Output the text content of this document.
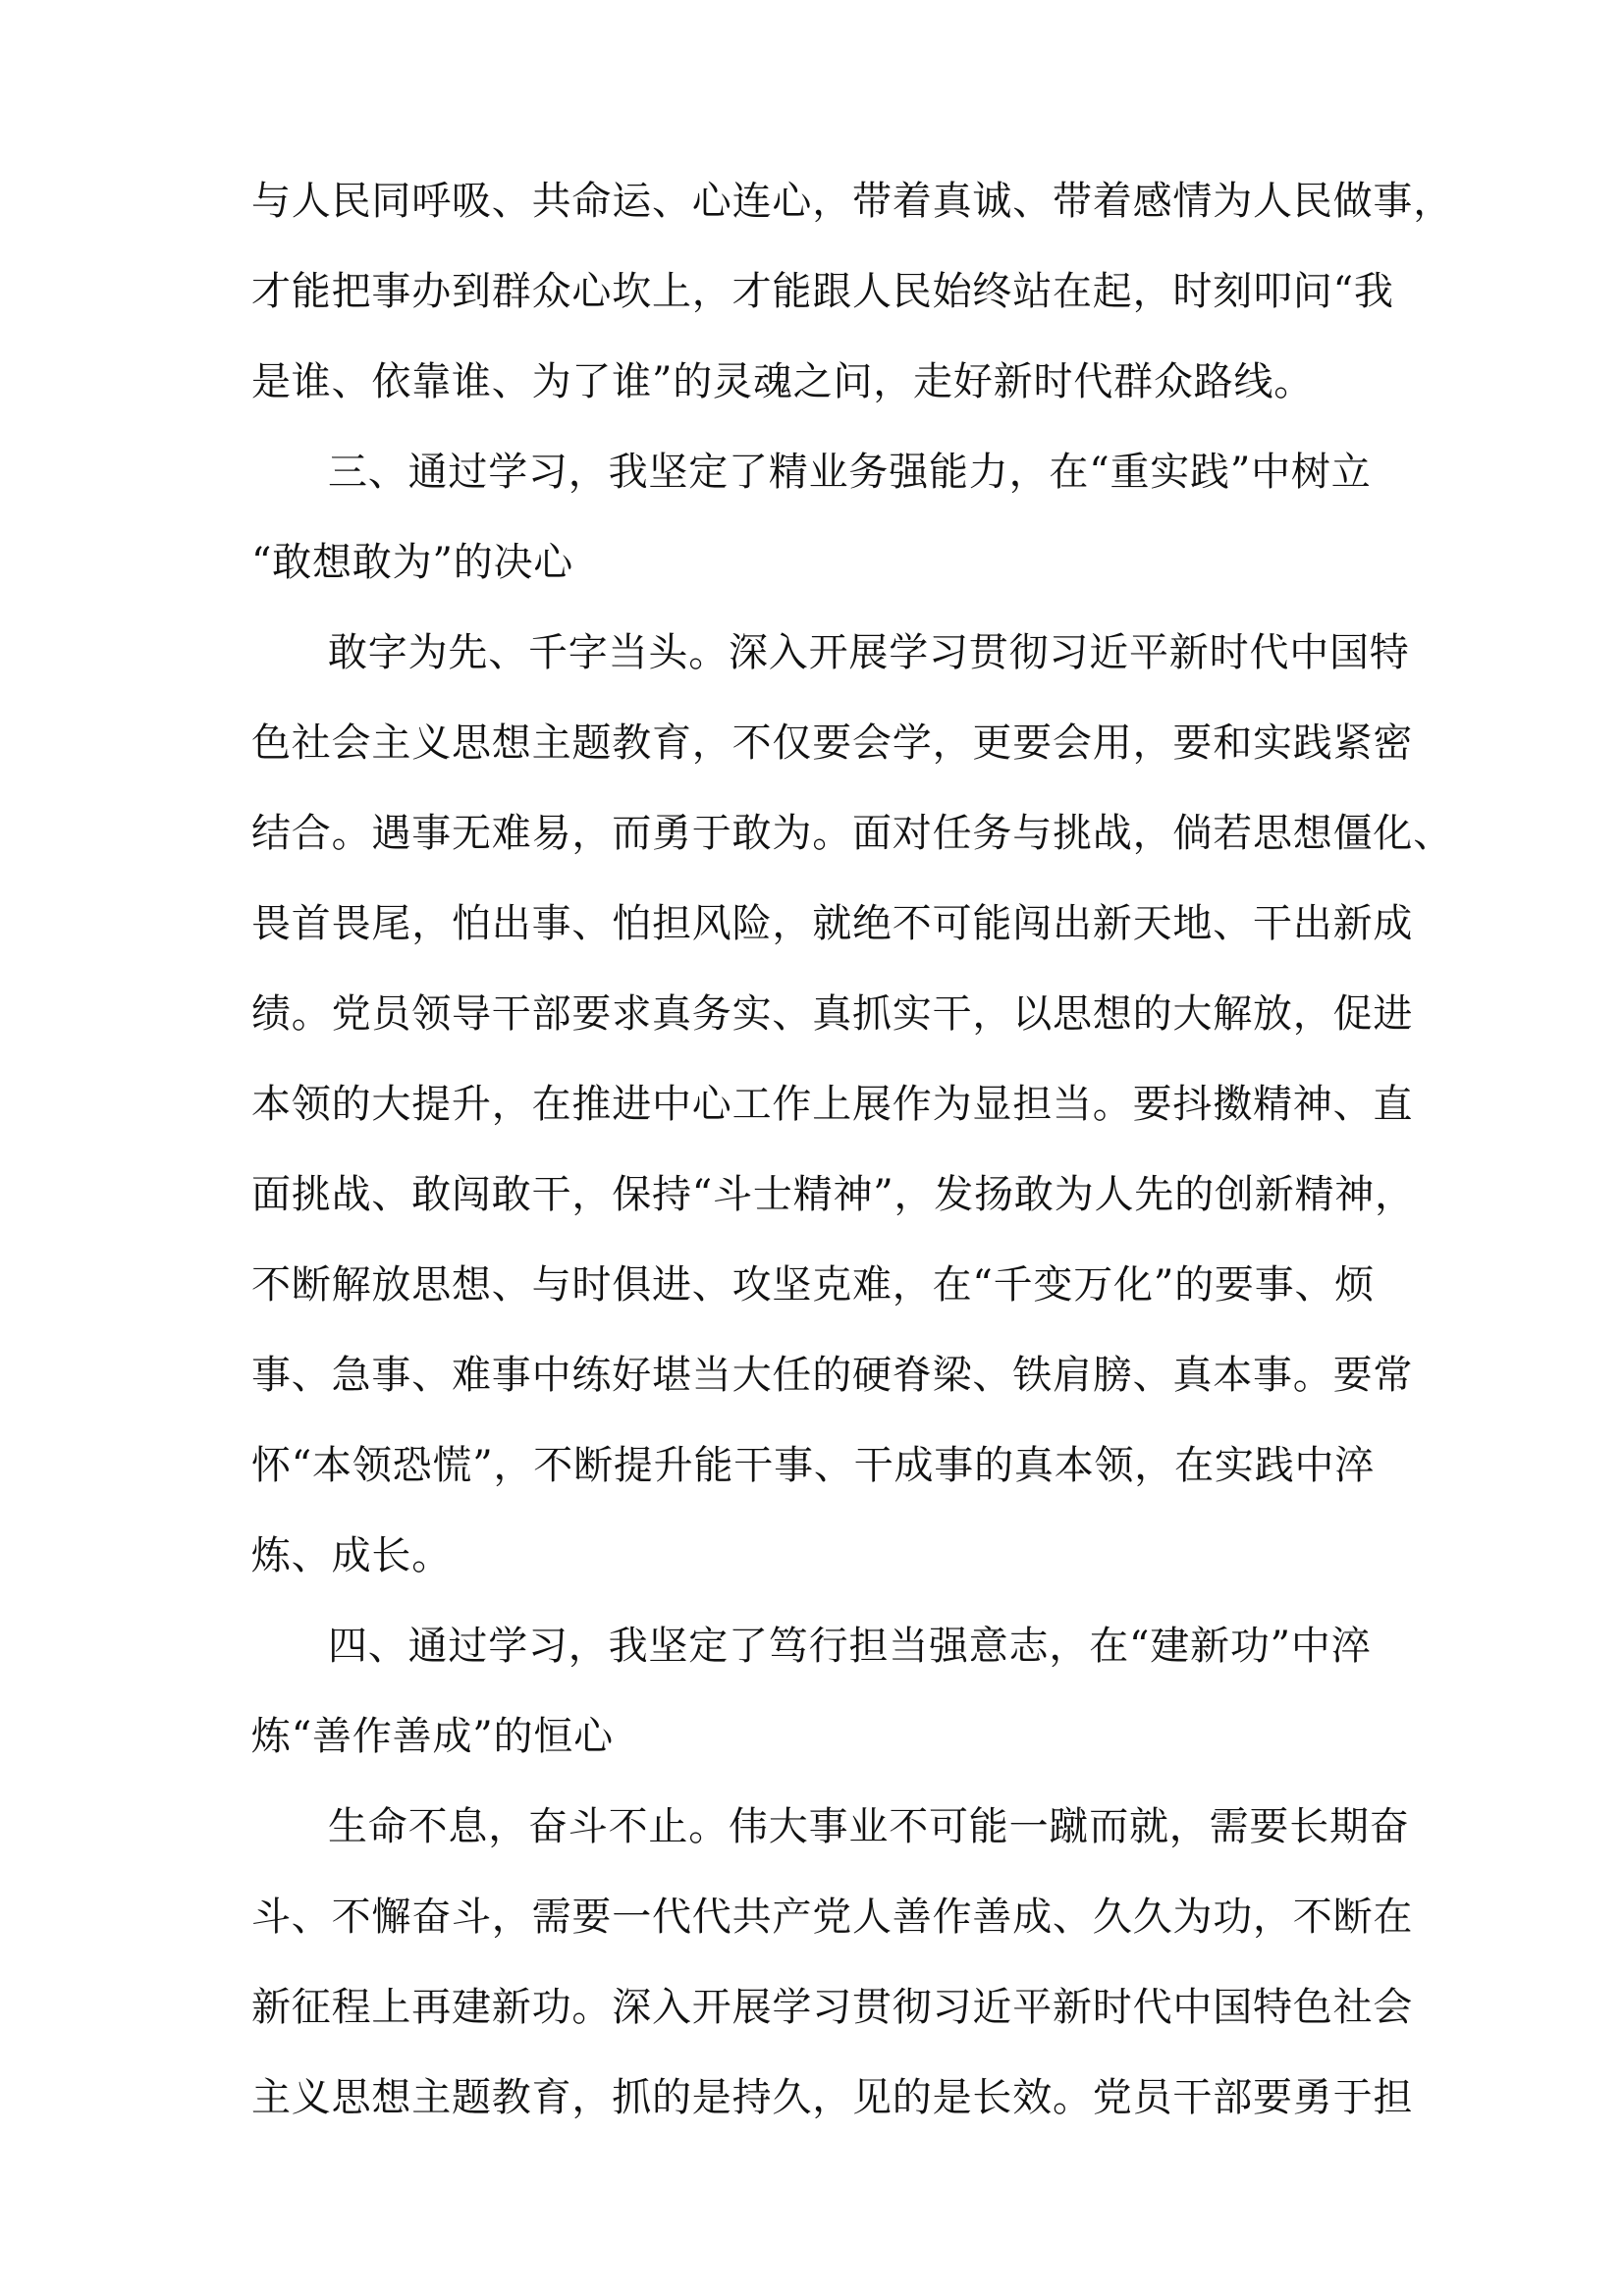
与人民同呼吸、共命运、心连心，带着真诚、带着感情为人民做事，
才能把事办到群众心坎上，才能跟人民始终站在起，时刻叩问“我
是谁、依靠谁、为了谁”的灵魂之问，走好新时代群众路线。
三、通过学习，我坚定了精业务强能力，在“重实践”中树立
“敢想敢为”的决心
敢字为先、千字当头。深入开展学习贯彻习近平新时代中国特
色社会主义思想主题教育，不仅要会学，更要会用，要和实践紧密
结合。遇事无难易，而勇于敢为。面对任务与挑战，倘若思想僵化、
畏首畏尾，怕出事、怕担风险，就绝不可能闯出新天地、干出新成
绩。党员领导干部要求真务实、真抓实干，以思想的大解放，促进
本领的大提升，在推进中心工作上展作为显担当。要抖擞精神、直
面挑战、敢闯敢干，保持“斗士精神”，发扬敢为人先的创新精神，
不断解放思想、与时俱进、攻坚克难，在“千变万化”的要事、烦
事、急事、难事中练好堪当大任的硬脊梁、铁肩膀、真本事。要常
怀“本领恐慌”，不断提升能干事、干成事的真本领，在实践中淬
炼、成长。
四、通过学习，我坚定了笃行担当强意志，在“建新功”中淬
炼“善作善成”的恒心
生命不息，奋斗不止。伟大事业不可能一蹴而就，需要长期奋
斗、不懈奋斗，需要一代代共产党人善作善成、久久为功，不断在
新征程上再建新功。深入开展学习贯彻习近平新时代中国特色社会
主义思想主题教育，抓的是持久，见的是长效。党员干部要勇于担
